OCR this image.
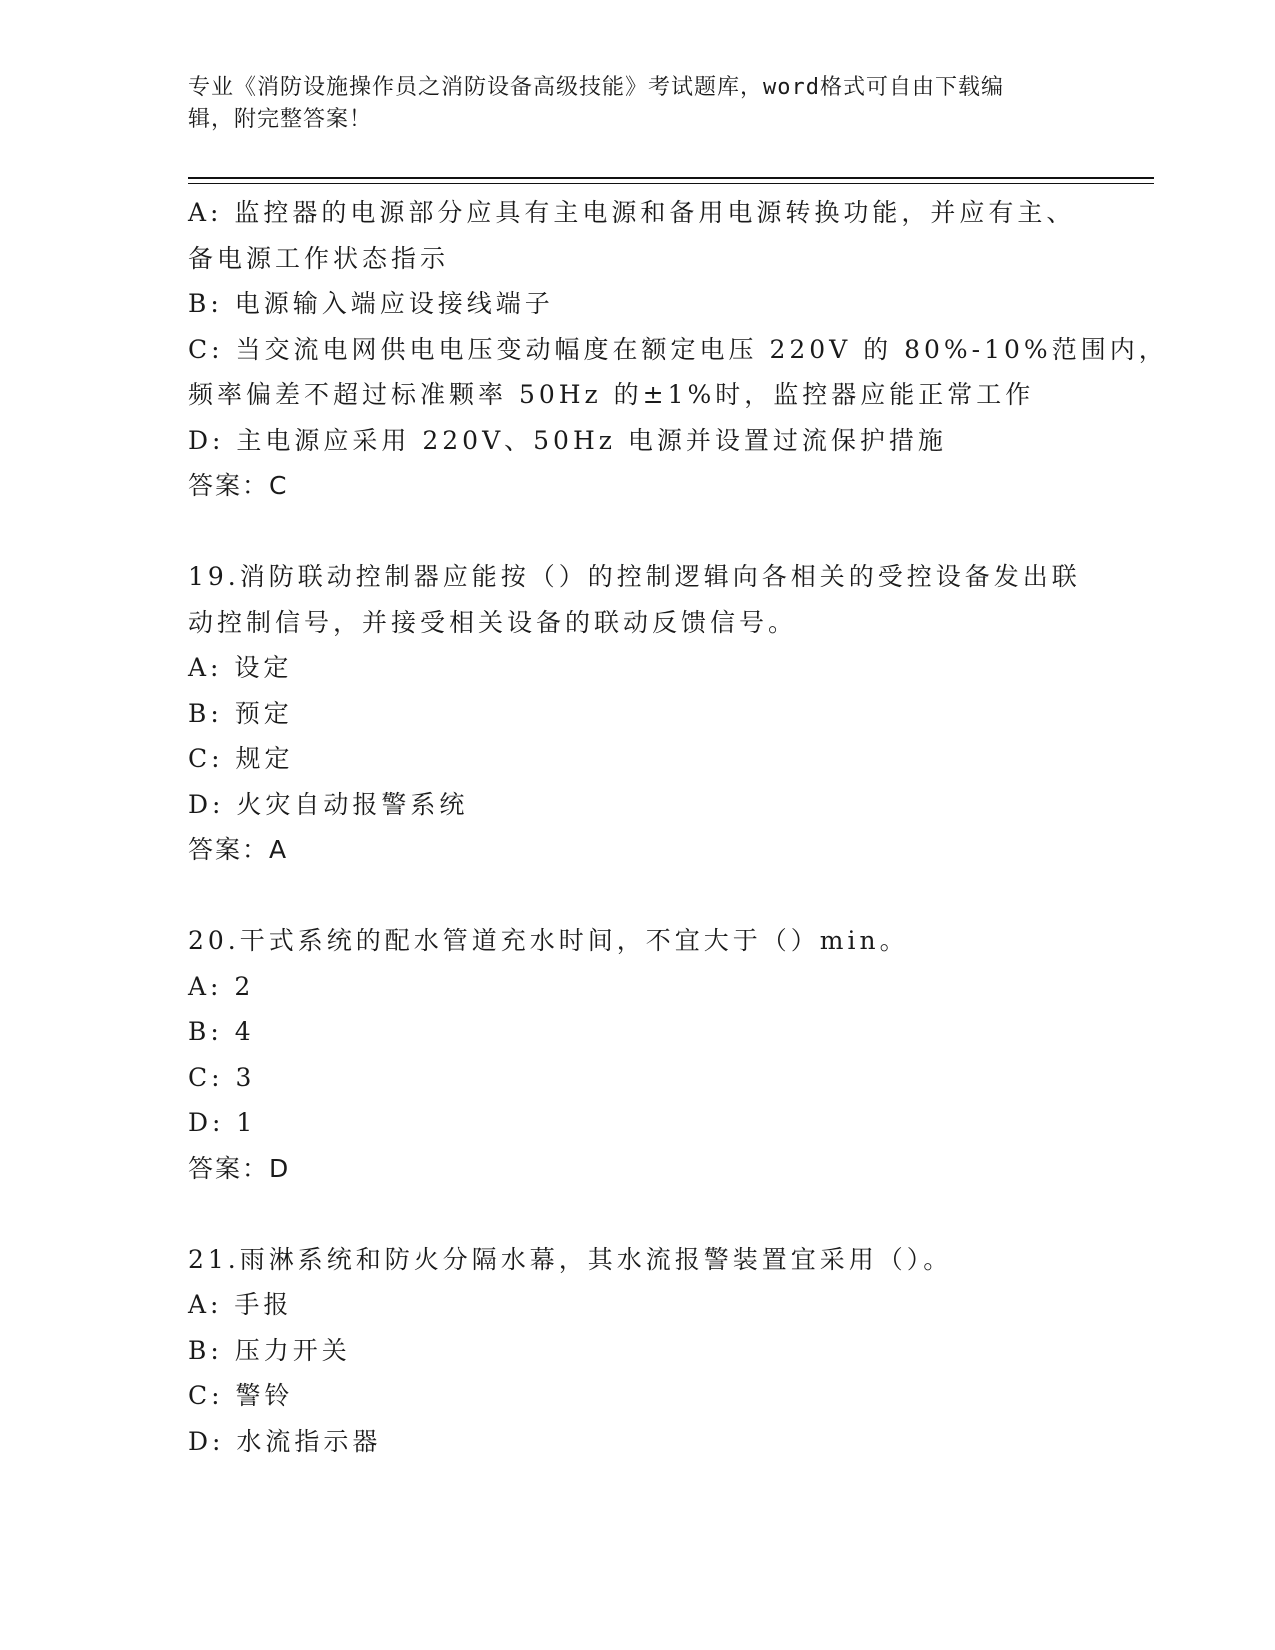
专业《消防设施操作员之消防设备高级技能》考试题库，word格式可自由下载编
辑，附完整答案！
A: 监控器的电源部分应具有主电源和备用电源转换功能，并应有主、
备电源工作状态指示
B: 电源输入端应设接线端子
C: 当交流电网供电电压变动幅度在额定电压 220V 的 80%-10%范围内，
频率偏差不超过标准颗率 50Hz 的±1%时，监控器应能正常工作
D: 主电源应采用 220V、50Hz 电源并设置过流保护措施
答案：C
19.消防联动控制器应能按（）的控制逻辑向各相关的受控设备发出联
动控制信号，并接受相关设备的联动反馈信号。
A: 设定
B: 预定
C: 规定
D: 火灾自动报警系统
答案：A
20.干式系统的配水管道充水时间，不宜大于（）min。
A: 2
B: 4
C: 3
D: 1
答案：D
21.雨淋系统和防火分隔水幕，其水流报警装置宜采用（）。
A: 手报
B: 压力开关
C: 警铃
D: 水流指示器
